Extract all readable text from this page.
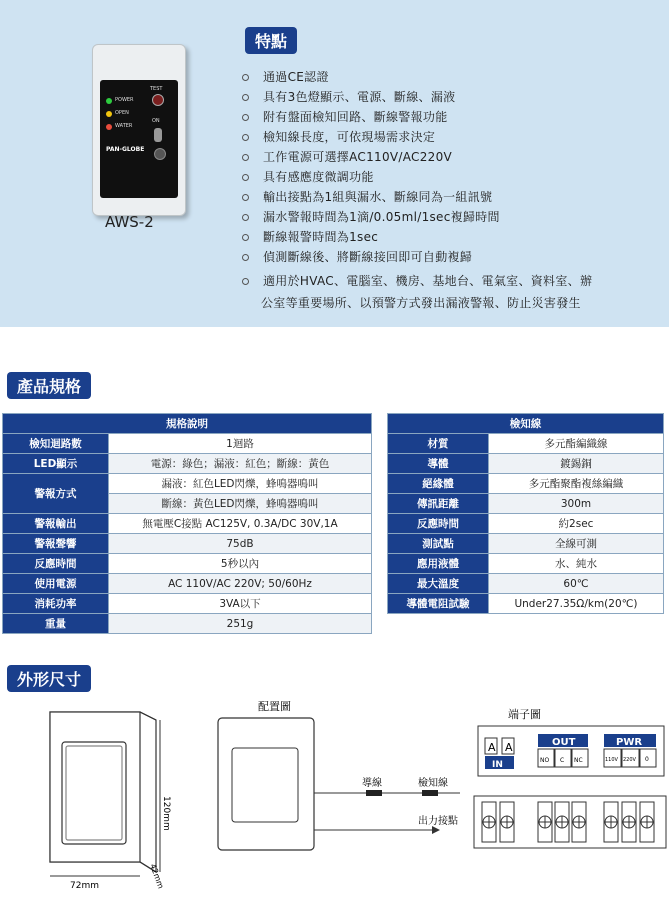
POWER
OPEN
WATER
TEST
ON
PAN-GLOBE
AWS-2
特點
通過CE認證
具有3色燈顯示、電源、斷線、漏液
附有盤面檢知回路、斷線警報功能
檢知線長度，可依現場需求決定
工作電源可選擇AC110V/AC220V
具有感應度微調功能
輸出接點為1組與漏水、斷線同為一組訊號
漏水警報時間為1滴/0.05ml/1sec複歸時間
斷線報警時間為1sec
偵測斷線後、將斷線接回即可自動複歸
適用於HVAC、電腦室、機房、基地台、電氣室、資料室、辦
公室等重要場所、以預警方式發出漏液警報、防止災害發生
產品規格
規格說明	
檢知迴路數	1迴路
LED顯示	電源：綠色；漏液：紅色；斷線：黃色
警報方式	漏液：紅色LED閃爍，蜂鳴器鳴叫
	斷線：黃色LED閃爍，蜂鳴器鳴叫
警報輸出	無電壓C接點 AC125V, 0.3A/DC 30V,1A
警報聲響	75dB
反應時間	5秒以內
使用電源	AC 110V/AC 220V; 50/60Hz
消耗功率	3VA以下
重量	251g
檢知線	
材質	多元酯編織線
導體	鍍錫銅
絕緣體	多元酯聚酯複絲編織
傳訊距離	300m
反應時間	約2sec
測試點	全線可測
應用液體	水、純水
最大溫度	60℃
導體電阻試驗	Under27.35Ω/km(20℃)
外形尺寸
120mm
72mm	42mm
配置圖
導線	檢知線
出力接點
端子圖
A A
IN
OUT
NO C NC
PWR
110V 220V 0
